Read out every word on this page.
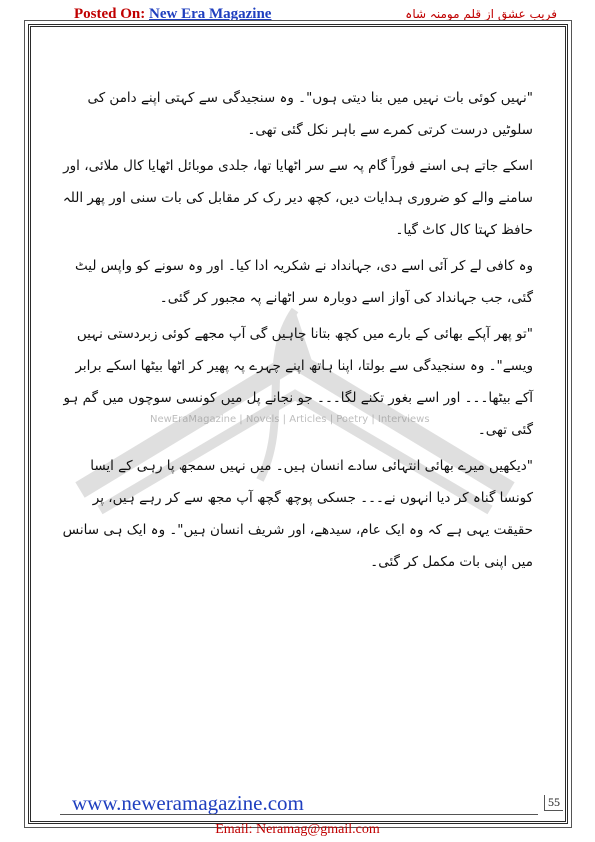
Posted On: New Era Magazine	فریب عشق از قلم مومنہ شاہ
NewEraMagazine | Novels | Articles | Poetry | Interviews

"نہیں کوئی بات نہیں میں بنا دیتی ہوں"۔ وہ سنجیدگی سے کہتی اپنے دامن کی سلوٹیں درست کرتی کمرے سے باہر نکل گئی تھی۔

اسکے جاتے ہی اسنے فوراً گام پہ سے سر اٹھایا تھا، جلدی موبائل اٹھایا کال ملائی، اور سامنے والے کو ضروری ہدایات دیں، کچھ دیر رک کر مقابل کی بات سنی اور پھر اللہ حافظ کہتا کال کاٹ گیا۔

وہ کافی لے کر آئی اسے دی، جہانداد نے شکریہ ادا کیا۔ اور وہ سونے کو واپس لیٹ گئی، جب جہانداد کی آواز اسے دوبارہ سر اٹھانے پہ مجبور کر گئی۔

"تو پھر آپکے بھائی کے بارے میں کچھ بتانا چاہیں گی آپ مجھے کوئی زبردستی نہیں ویسے"۔ وہ سنجیدگی سے بولتا، اپنا ہاتھ اپنے چہرے پہ پھیر کر اٹھا بیٹھا اسکے برابر آکے بیٹھا۔۔۔ اور اسے بغور تکنے لگا۔۔۔ جو نجانے پل میں کونسی سوچوں میں گم ہو گئی تھی۔

"دیکھیں میرے بھائی انتہائی سادے انسان ہیں۔ میں نہیں سمجھ پا رہی کے ایسا کونسا گناہ کر دیا انہوں نے۔۔۔ جسکی پوچھ گچھ آپ مجھ سے کر رہے ہیں، پر حقیقت یہی ہے کہ وہ ایک عام، سیدھے، اور شریف انسان ہیں"۔ وہ ایک ہی سانس میں اپنی بات مکمل کر گئی۔

www.neweramagazine.com	55
Email: Neramag@gmail.com
